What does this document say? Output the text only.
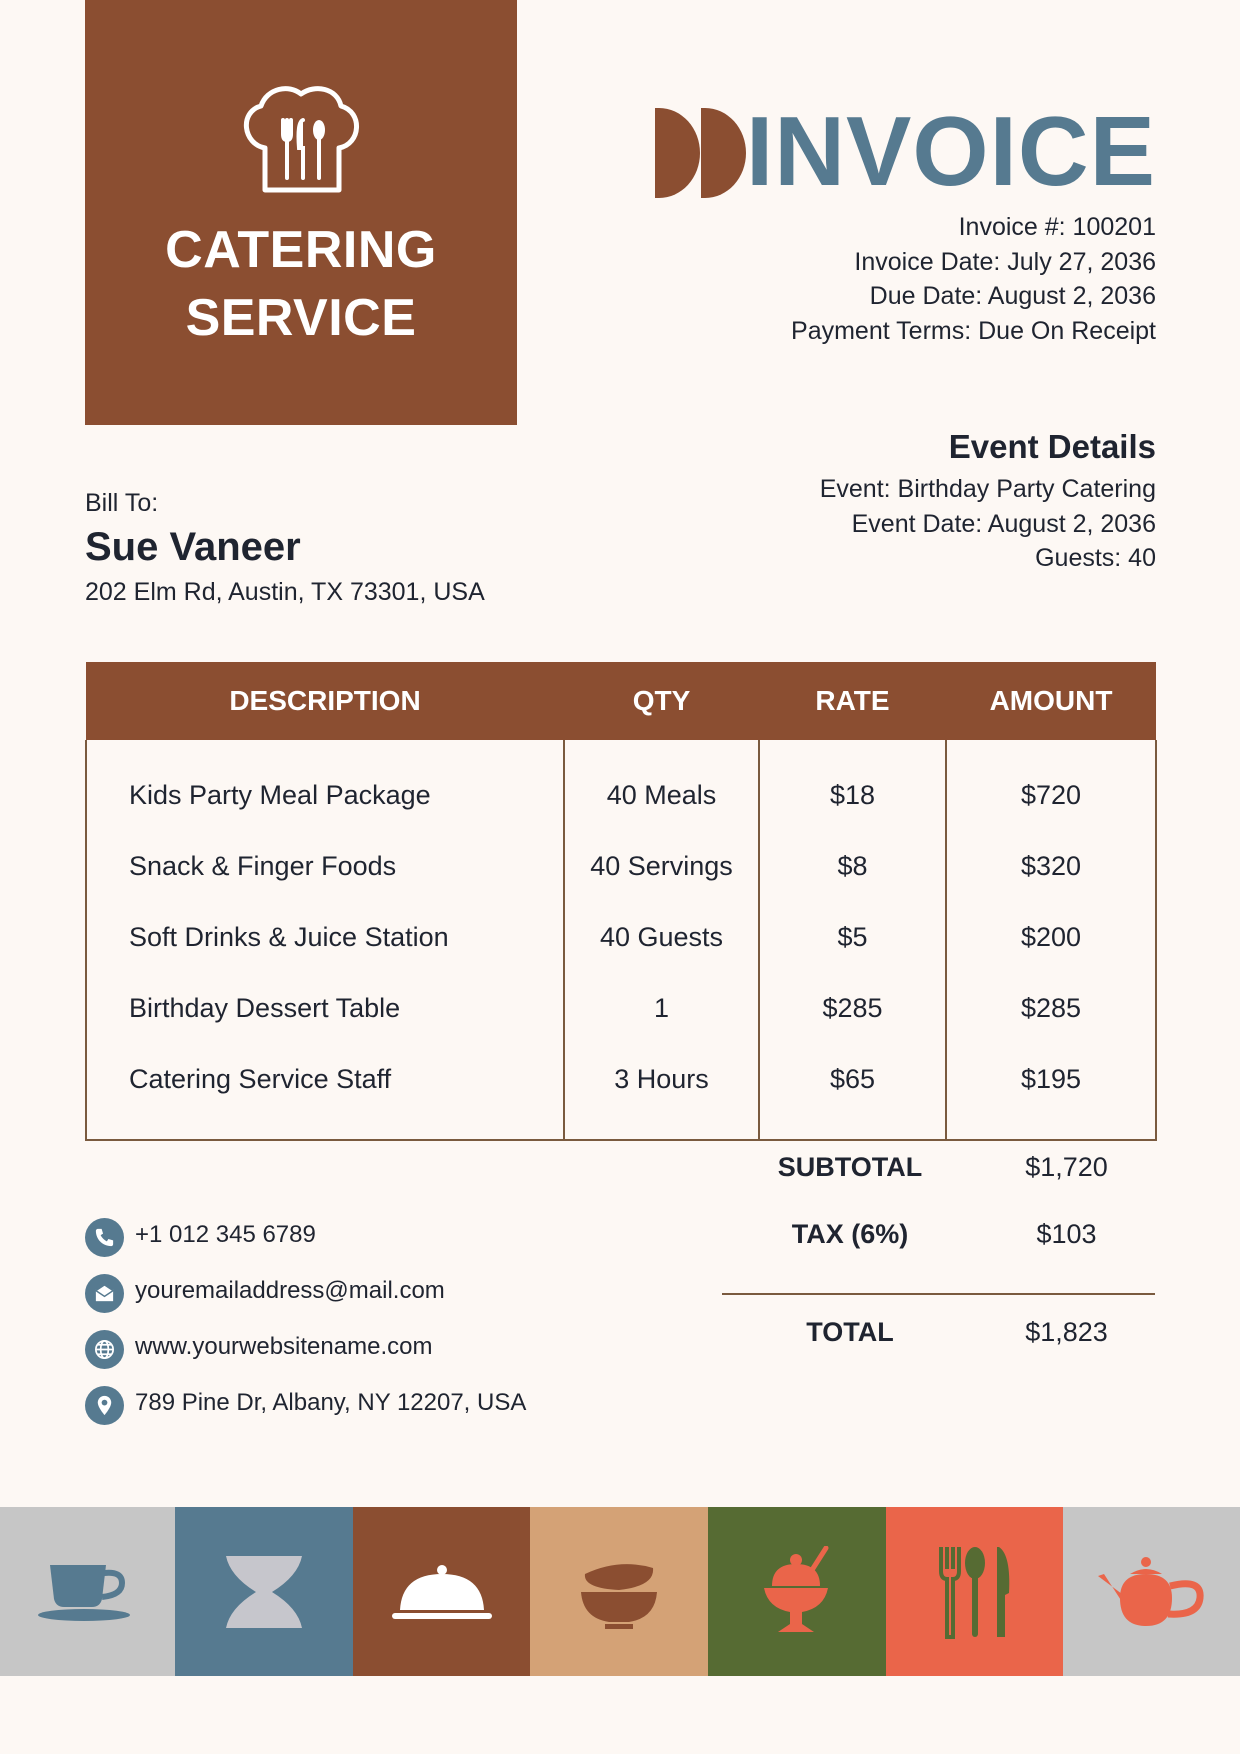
CATERING
SERVICE
INVOICE
Invoice #: 100201
Invoice Date: July 27, 2036
Due Date: August 2, 2036
Payment Terms: Due On Receipt
Event Details
Event: Birthday Party Catering
Event Date: August 2, 2036
Guests: 40
Bill To:
Sue Vaneer
202 Elm Rd, Austin, TX 73301, USA
DESCRIPTION	QTY	RATE	AMOUNT
Kids Party Meal Package	40 Meals	$18	$720
Snack & Finger Foods	40 Servings	$8	$320
Soft Drinks & Juice Station	40 Guests	$5	$200
Birthday Dessert Table	1	$285	$285
Catering Service Staff	3 Hours	$65	$195
SUBTOTAL	$1,720
TAX (6%)	$103
TOTAL	$1,823
+1 012 345 6789
youremailaddress@mail.com
www.yourwebsitename.com
789 Pine Dr, Albany, NY 12207, USA
